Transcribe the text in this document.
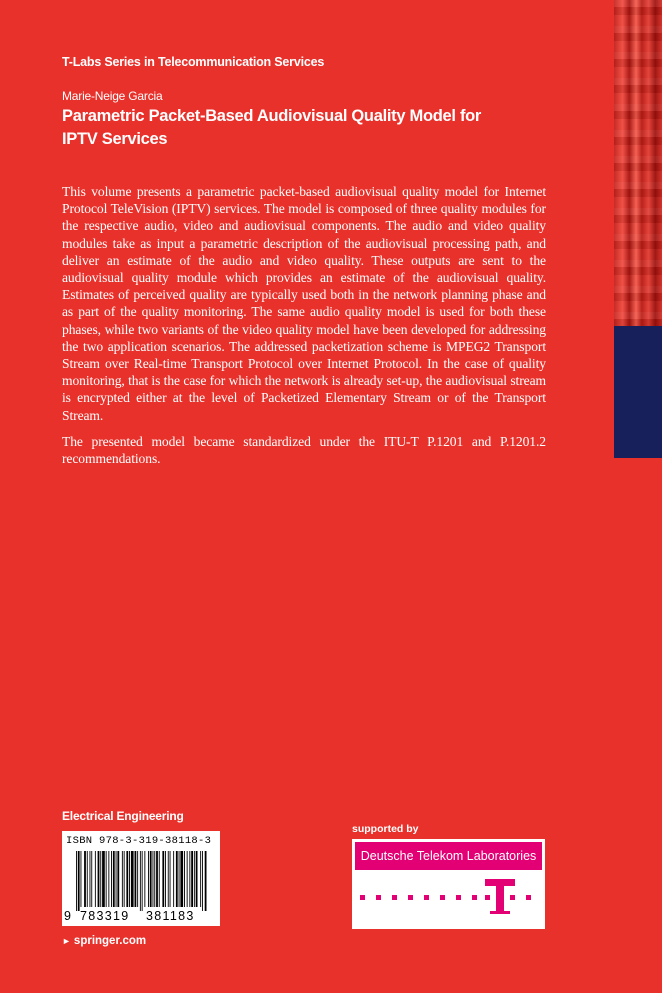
T-Labs Series in Telecommunication Services
Marie-Neige Garcia
Parametric Packet-Based Audiovisual Quality Model for IPTV Services

This volume presents a parametric packet-based audiovisual quality model for Internet Protocol TeleVision (IPTV) services. The model is composed of three quality modules for the respective audio, video and audiovisual components. The audio and video quality modules take as input a parametric description of the audiovisual processing path, and deliver an estimate of the audio and video quality. These outputs are sent to the audiovisual quality module which provides an estimate of the audiovisual quality. Estimates of perceived quality are typically used both in the network planning phase and as part of the quality monitoring. The same audio quality model is used for both these phases, while two variants of the video quality model have been developed for addressing the two application scenarios. The addressed packetization scheme is MPEG2 Transport Stream over Real-time Transport Protocol over Internet Protocol. In the case of quality monitoring, that is the case for which the network is already set-up, the audiovisual stream is encrypted either at the level of Packetized Elementary Stream or of the Transport Stream.

The presented model became standardized under the ITU-T P.1201 and P.1201.2 recommendations.

Electrical Engineering
ISBN 978-3-319-38118-3
9 783319 381183
► springer.com
supported by
Deutsche Telekom Laboratories
